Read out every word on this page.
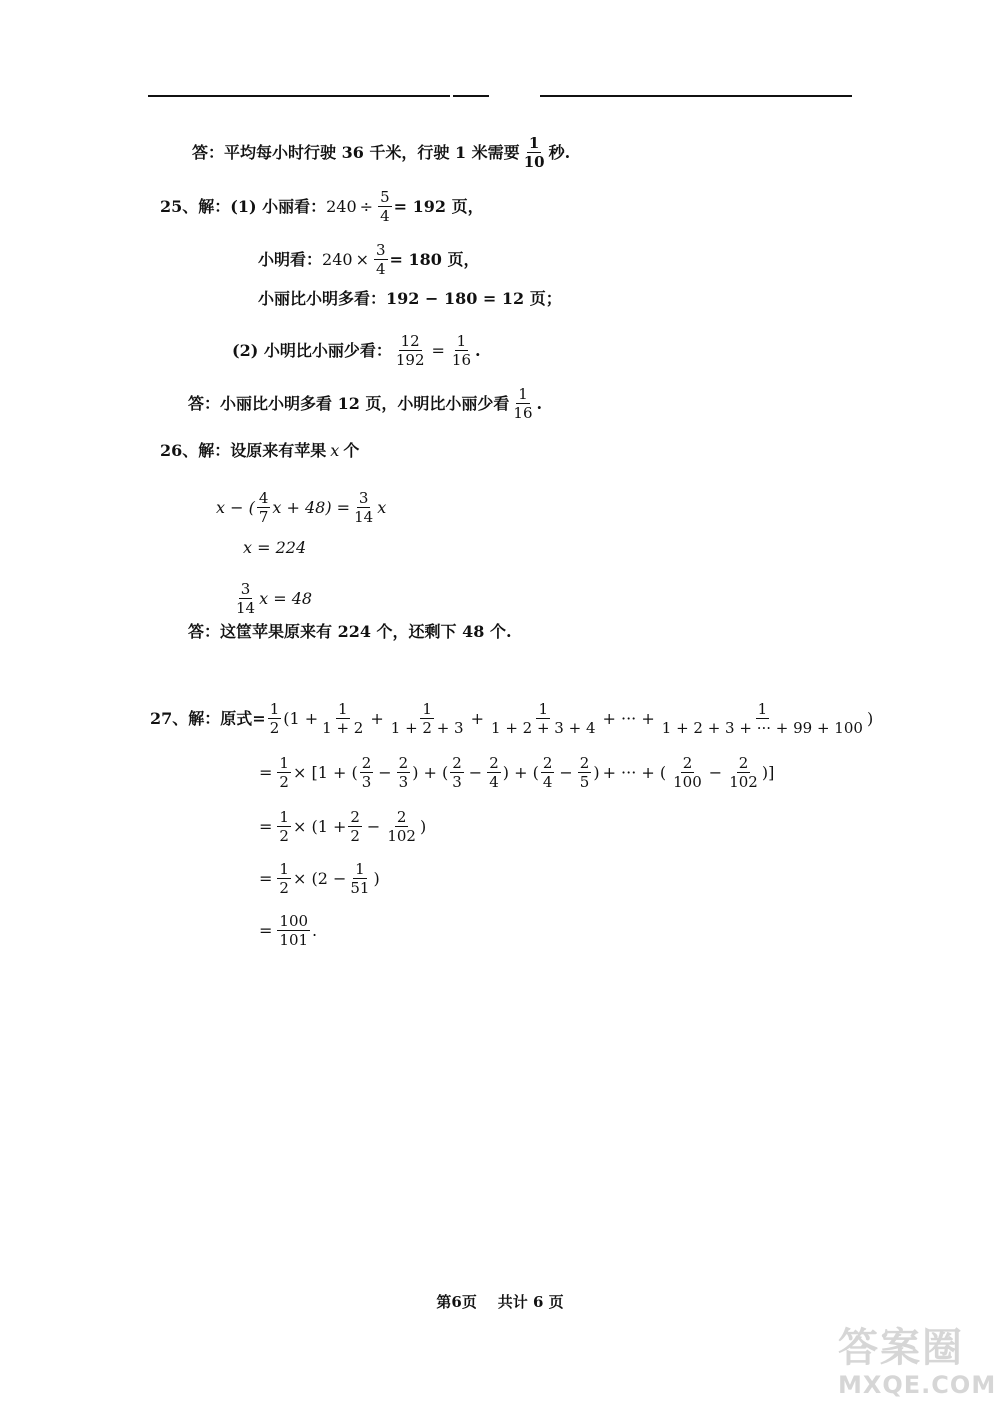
答：平均每小时行驶 36 千米，行驶 1 米需要 $\frac{1}{10}$ 秒.
25、解：(1) 小丽看： $240 \div \frac{5}{4} = 192$ 页，
小明看： $240 \times \frac{3}{4} = 180$ 页，
小丽比小明多看：192 − 180 = 12 页；
(2) 小明比小丽少看： $\frac{12}{192} = \frac{1}{16}$ .
答：小丽比小明多看 12 页，小明比小丽少看 $\frac{1}{16}$ .
26、解：设原来有苹果 x 个
x − ( $\frac{4}{7}$ $x + 48) = \frac{3}{14}$ x
x = 224
$\frac{3}{14}$ x = 48
答：这筐苹果原来有 224 个，还剩下 48 个.
27、解：原式= $\frac{1}{2} (1 + \frac{1}{1 + 2} + \frac{1}{1 + 2 + 3} + \frac{1}{1 + 2 + 3 + 4}$ + ··· + $\frac{1}{1 + 2 + 3 + \cdot\cdot\cdot + 99 + 100}$ )
= $\frac{1}{2} \times [1$ + ( $\frac{2}{3} - \frac{2}{3}$ ) + ( $\frac{2}{3} - \frac{2}{4}$ ) + ( $\frac{2}{4} - \frac{2}{5}$ ) + ··· + ( $\frac{2}{100} - \frac{2}{102}$ )]
= $\frac{1}{2} \times (1 + \frac{2}{2} - \frac{2}{102}$ )
= $\frac{1}{2} \times (2 - \frac{1}{51}$ )
= $\frac{100}{101}$ .
第6页    共计 6 页
答案圈
MXQE.COM
